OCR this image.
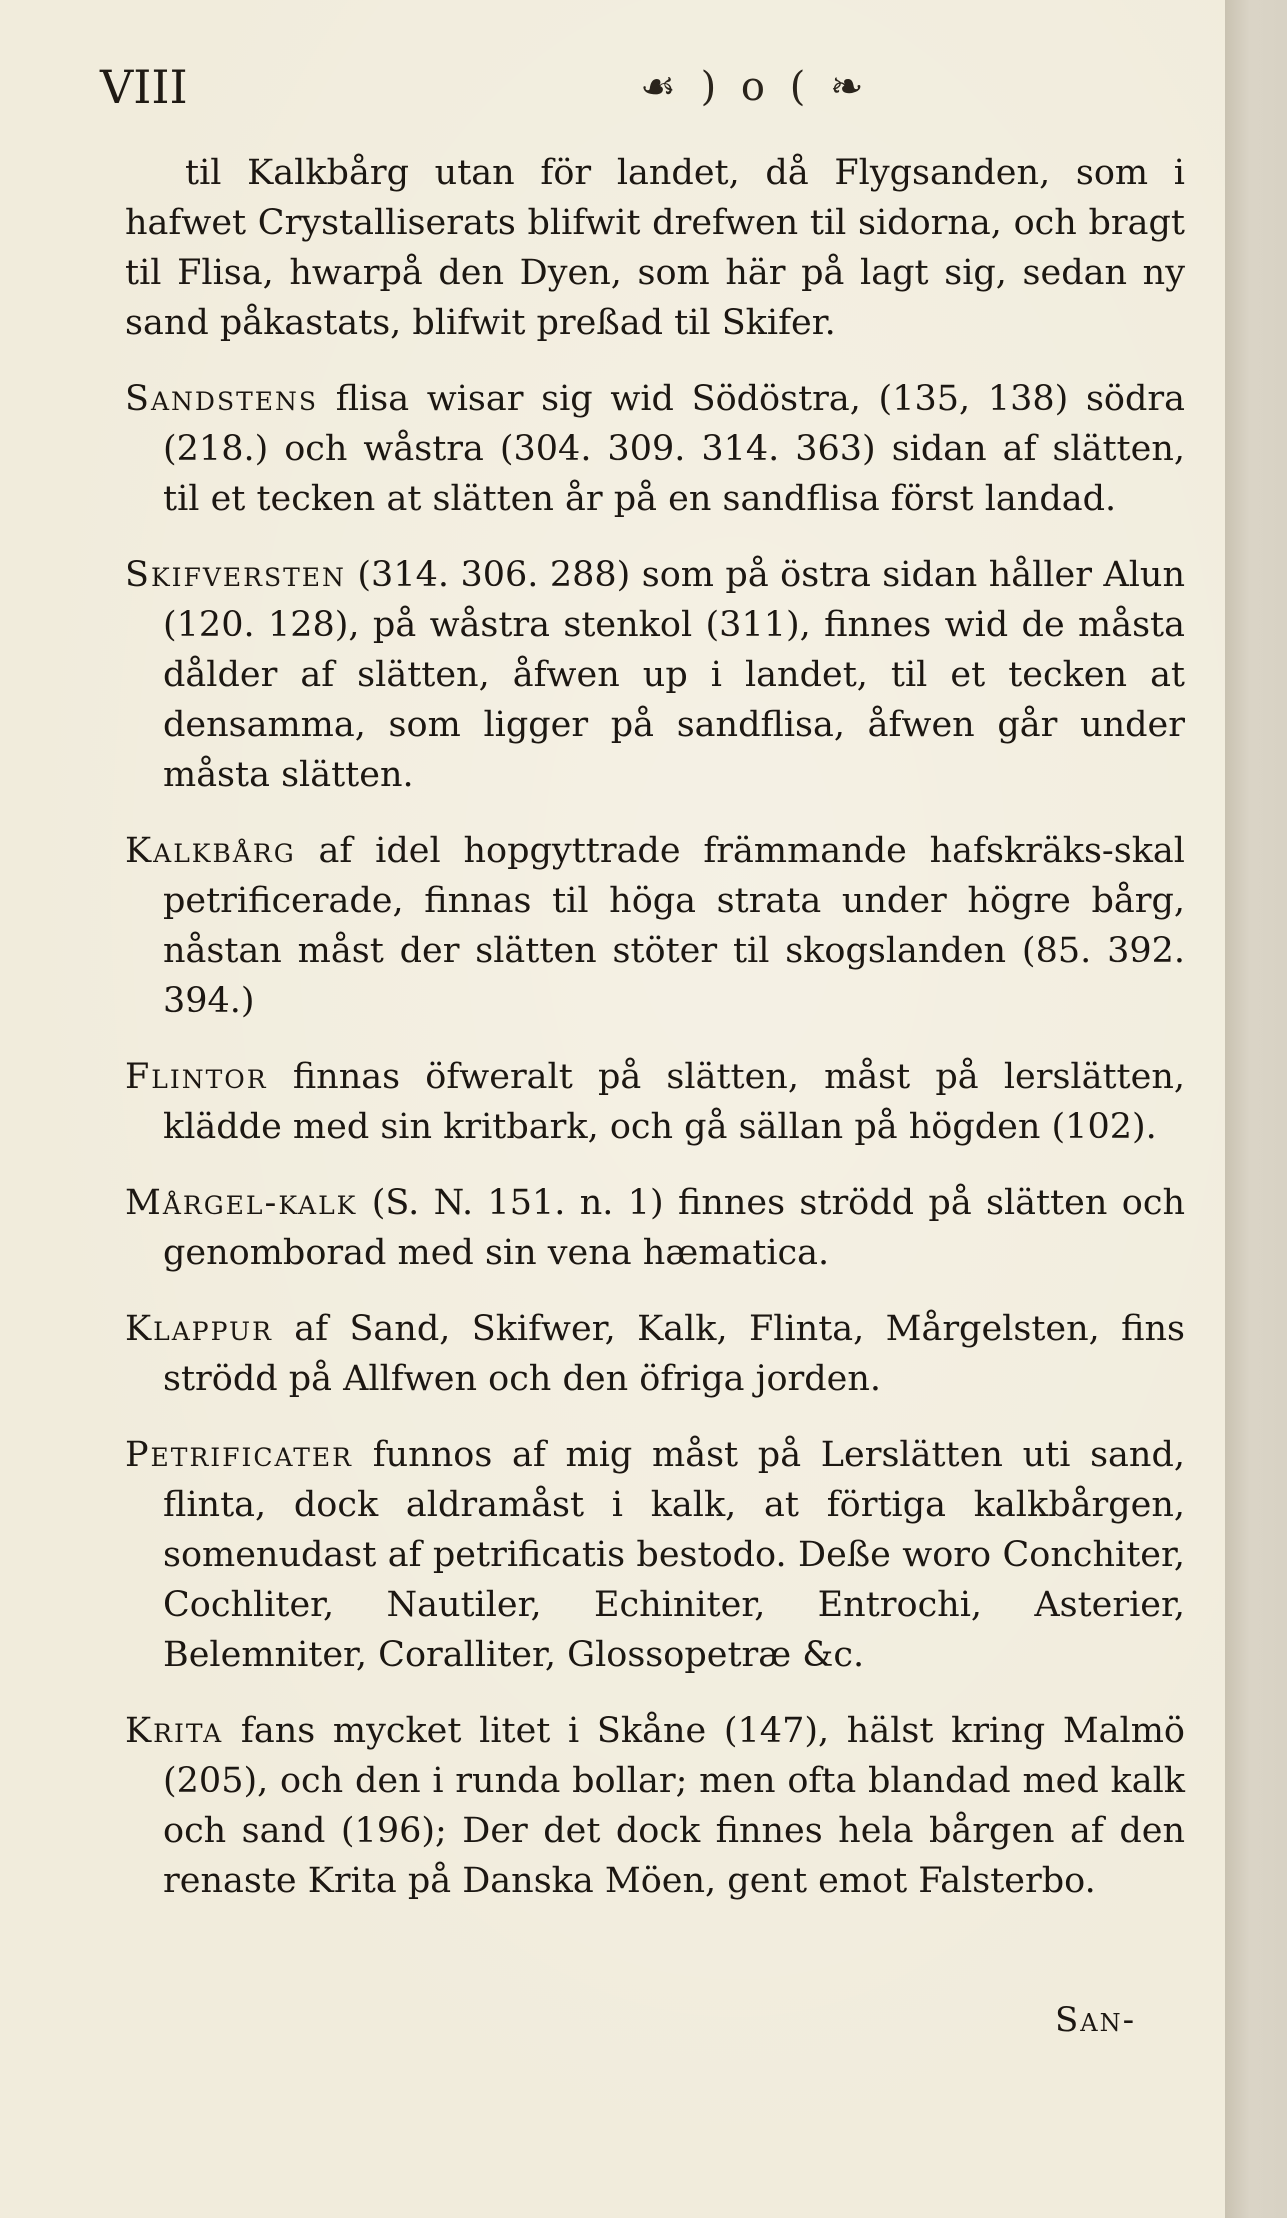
VIII	☙ ) o ( ❧

til Kalkbårg utan för landet, då Flygsanden, som i hafwet Crystalliserats blifwit drefwen til sidorna, och bragt til Flisa, hwarpå den Dyen, som här på lagt sig, sedan ny sand påkastats, blifwit preßad til Skifer.

Sandstens flisa wisar sig wid Södöstra, (135, 138) södra (218.) och wåstra (304. 309. 314. 363) sidan af slätten, til et tecken at slätten år på en sandflisa först landad.

Skifversten (314. 306. 288) som på östra sidan håller Alun (120. 128), på wåstra stenkol (311), finnes wid de måsta dålder af slätten, åfwen up i landet, til et tecken at densamma, som ligger på sandflisa, åfwen går under måsta slätten.

Kalkbårg af idel hopgyttrade främmande hafskräks-skal petrificerade, finnas til höga strata under högre bårg, nåstan måst der slätten stöter til skogslanden (85. 392. 394.)

Flintor finnas öfweralt på slätten, måst på lerslätten, klädde med sin kritbark, och gå sällan på högden (102).

Mårgel-kalk (S. N. 151. n. 1) finnes strödd på slätten och genomborad med sin vena hæmatica.

Klappur af Sand, Skifwer, Kalk, Flinta, Mårgelsten, fins strödd på Allfwen och den öfriga jorden.

Petrificater funnos af mig måst på Lerslätten uti sand, flinta, dock aldramåst i kalk, at förtiga kalkbårgen, somenudast af petrificatis bestodo. Deße woro Conchiter, Cochliter, Nautiler, Echiniter, Entrochi, Asterier, Belemniter, Coralliter, Glossopetræ &c.

Krita fans mycket litet i Skåne (147), hälst kring Malmö (205), och den i runda bollar; men ofta blandad med kalk och sand (196); Der det dock finnes hela bårgen af den renaste Krita på Danska Möen, gent emot Falsterbo.

San-
